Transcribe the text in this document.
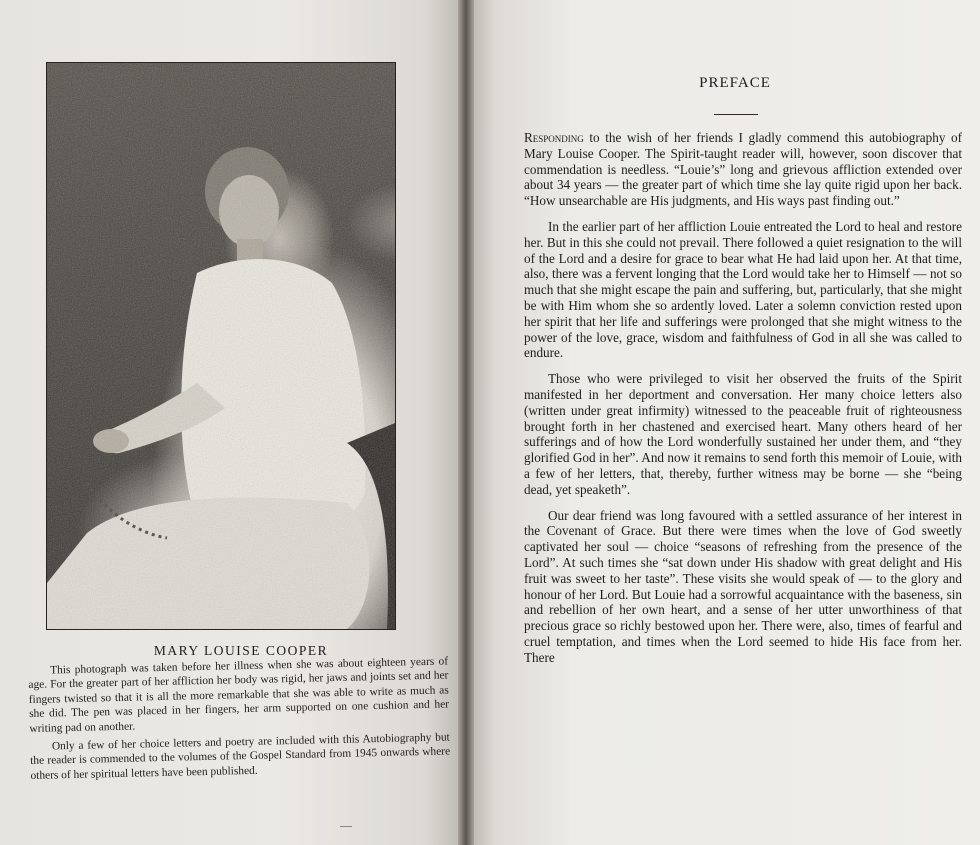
MARY LOUISE COOPER

This photograph was taken before her illness when she was about eighteen years of age. For the greater part of her affliction her body was rigid, her jaws and joints set and her fingers twisted so that it is all the more remarkable that she was able to write as much as she did. The pen was placed in her fingers, her arm supported on one cushion and her writing pad on another.

Only a few of her choice letters and poetry are included with this Autobiography but the reader is commended to the volumes of the Gospel Standard from 1945 onwards where others of her spiritual letters have been published.

PREFACE

Responding to the wish of her friends I gladly commend this autobiography of Mary Louise Cooper. The Spirit-taught reader will, however, soon discover that commendation is needless. “Louie’s” long and grievous affliction extended over about 34 years — the greater part of which time she lay quite rigid upon her back. “How unsearchable are His judgments, and His ways past finding out.”

In the earlier part of her affliction Louie entreated the Lord to heal and restore her. But in this she could not prevail. There followed a quiet resignation to the will of the Lord and a desire for grace to bear what He had laid upon her. At that time, also, there was a fervent longing that the Lord would take her to Himself — not so much that she might escape the pain and suffering, but, particularly, that she might be with Him whom she so ardently loved. Later a solemn conviction rested upon her spirit that her life and sufferings were prolonged that she might witness to the power of the love, grace, wisdom and faithfulness of God in all she was called to endure.

Those who were privileged to visit her observed the fruits of the Spirit manifested in her deportment and conversation. Her many choice letters also (written under great infirmity) witnessed to the peaceable fruit of righteousness brought forth in her chastened and exercised heart. Many others heard of her sufferings and of how the Lord wonderfully sustained her under them, and “they glorified God in her”. And now it remains to send forth this memoir of Louie, with a few of her letters, that, thereby, further witness may be borne — she “being dead, yet speaketh”.

Our dear friend was long favoured with a settled assurance of her interest in the Covenant of Grace. But there were times when the love of God sweetly captivated her soul — choice “seasons of refreshing from the presence of the Lord”. At such times she “sat down under His shadow with great delight and His fruit was sweet to her taste”. These visits she would speak of — to the glory and honour of her Lord. But Louie had a sorrowful acquaintance with the baseness, sin and rebellion of her own heart, and a sense of her utter unworthiness of that precious grace so richly bestowed upon her. There were, also, times of fearful and cruel temptation, and times when the Lord seemed to hide His face from her. There
